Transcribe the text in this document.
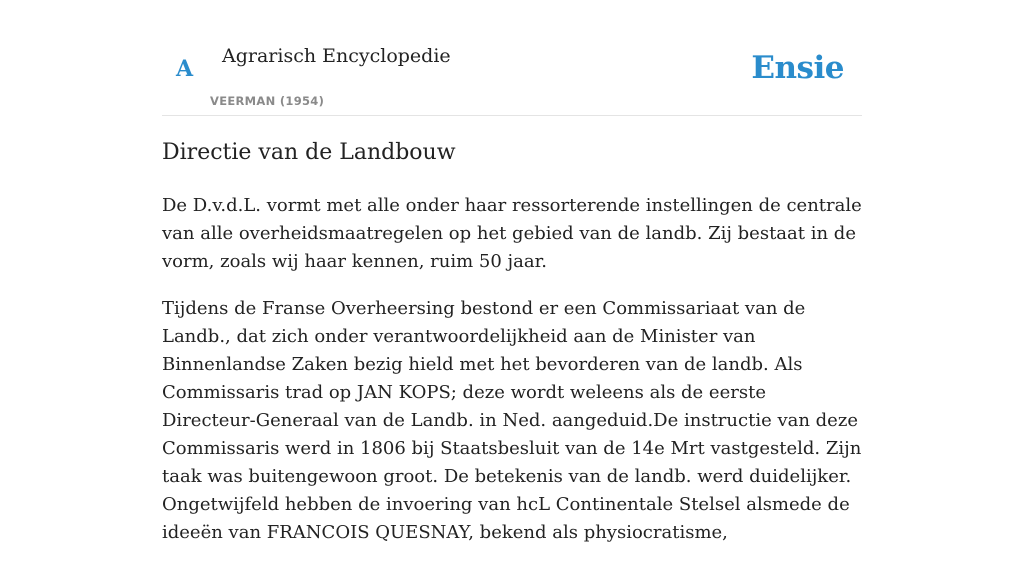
A Agrarisch Encyclopedie
VEERMAN (1954)
Ensie
Directie van de Landbouw

De D.v.d.L. vormt met alle onder haar ressorterende instellingen de centrale van alle overheidsmaatregelen op het gebied van de landb. Zij bestaat in de vorm, zoals wij haar kennen, ruim 50 jaar.

Tijdens de Franse Overheersing bestond er een Commissariaat van de Landb., dat zich onder verantwoordelijkheid aan de Minister van Binnenlandse Zaken bezig hield met het bevorderen van de landb. Als Commissaris trad op JAN KOPS; deze wordt weleens als de eerste Directeur-Generaal van de Landb. in Ned. aangeduid.De instructie van deze Commissaris werd in 1806 bij Staatsbesluit van de 14e Mrt vastgesteld. Zijn taak was buitengewoon groot. De betekenis van de landb. werd duidelijker. Ongetwijfeld hebben de invoering van hcL Continentale Stelsel alsmede de ideeën van FRANCOIS QUESNAY, bekend als physiocratisme,
